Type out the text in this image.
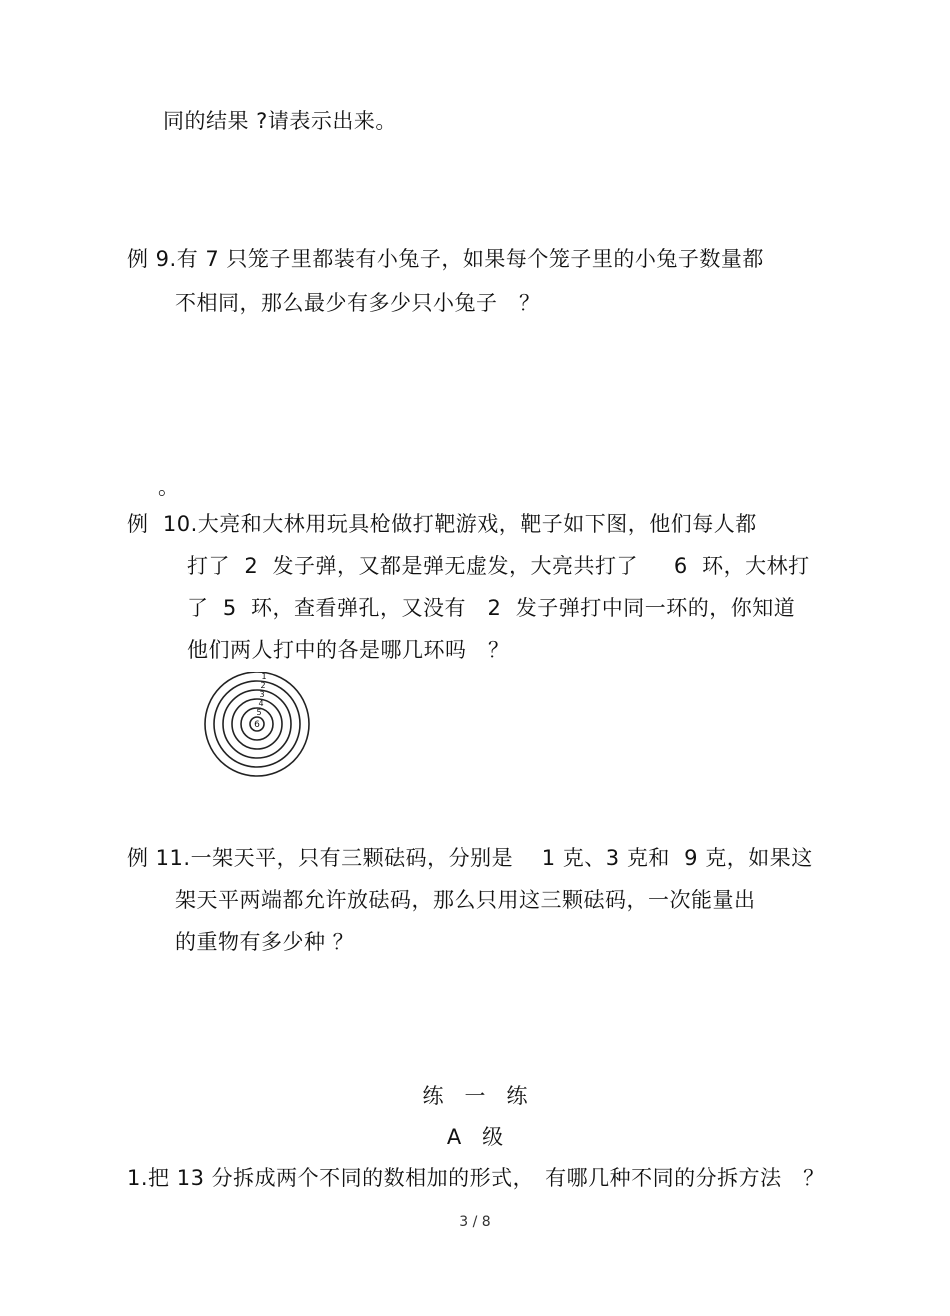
同的结果 ?请表示出来。
例 9.有 7 只笼子里都装有小兔子，如果每个笼子里的小兔子数量都
不相同，那么最少有多少只小兔子　？
。
例  10.大亮和大林用玩具枪做打靶游戏，靶子如下图，他们每人都
打了  2  发子弹，又都是弹无虚发，大亮共打了　  6  环，大林打
了  5  环，查看弹孔，又没有　2  发子弹打中同一环的，你知道
他们两人打中的各是哪几环吗　？
1
2
3
4
5
6
例 11.一架天平，只有三颗砝码，分别是　 1 克、3 克和  9 克，如果这
架天平两端都允许放砝码，那么只用这三颗砝码，一次能量出
的重物有多少种 ？
练　一　练
A　级
1.把 13 分拆成两个不同的数相加的形式，　有哪几种不同的分拆方法　？
3 / 8
